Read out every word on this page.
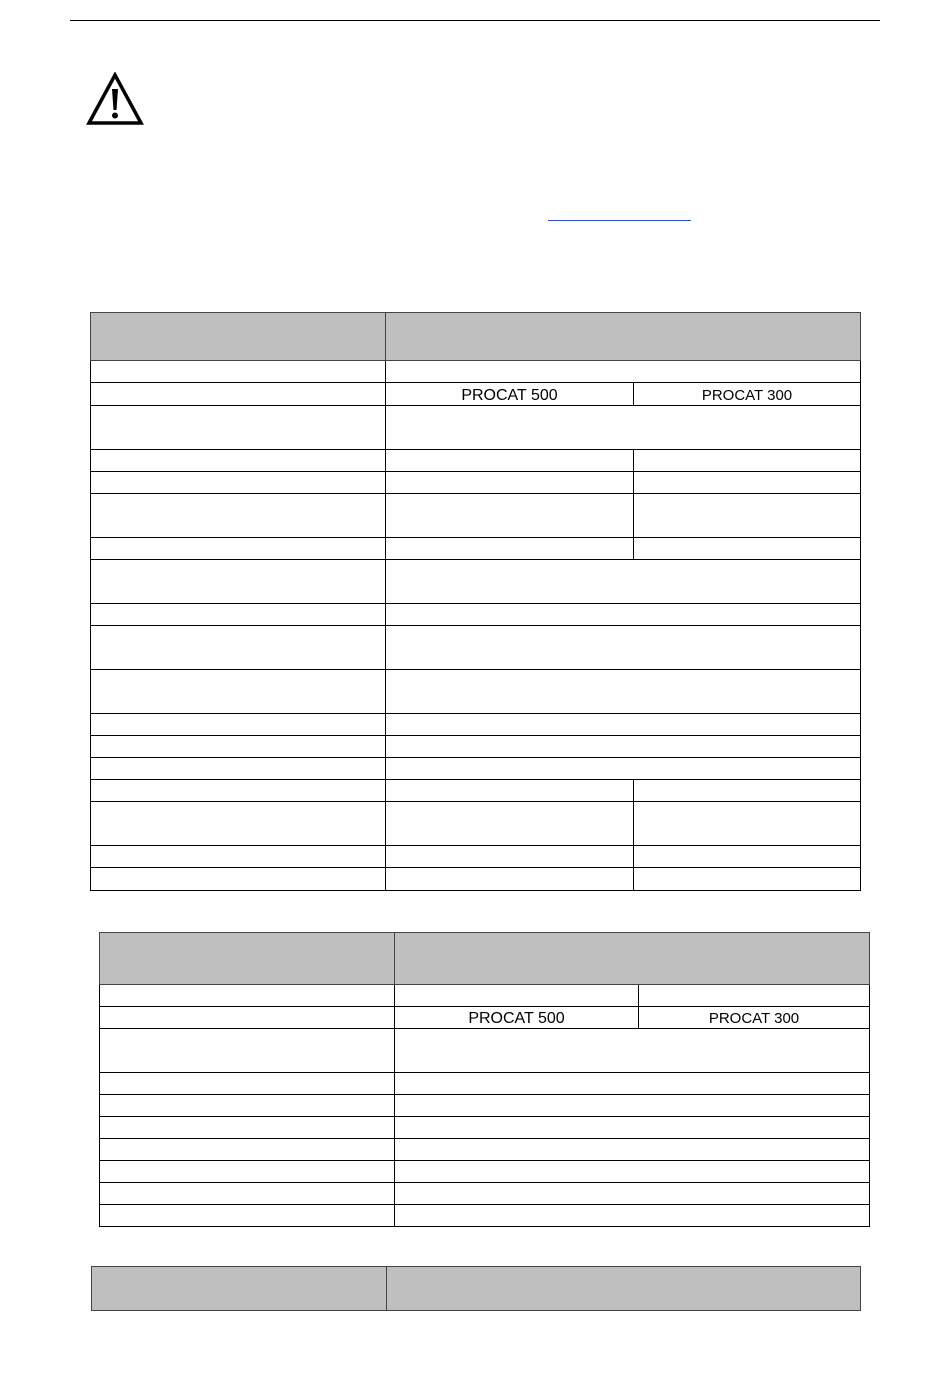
	PROCAT 500	PROCAT 300

	PROCAT 500	PROCAT 300
